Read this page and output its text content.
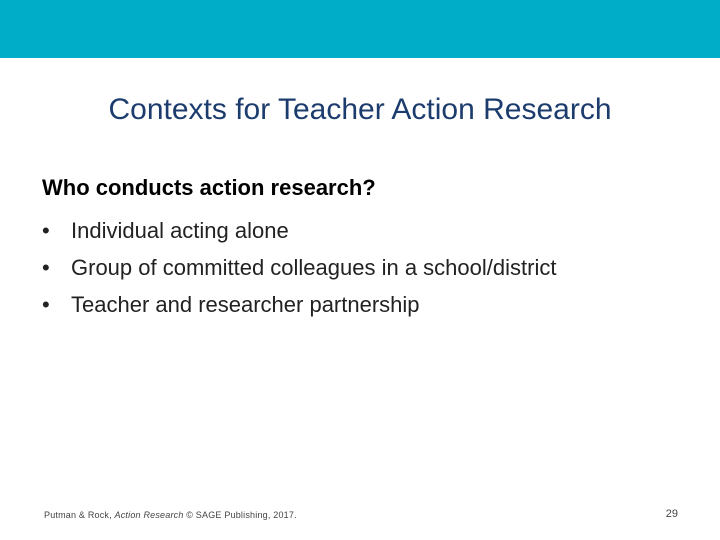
Contexts for Teacher Action Research
Who conducts action research?
• Individual acting alone
• Group of committed colleagues in a school/district
• Teacher and researcher partnership
Putman & Rock, Action Research © SAGE Publishing, 2017.	29
